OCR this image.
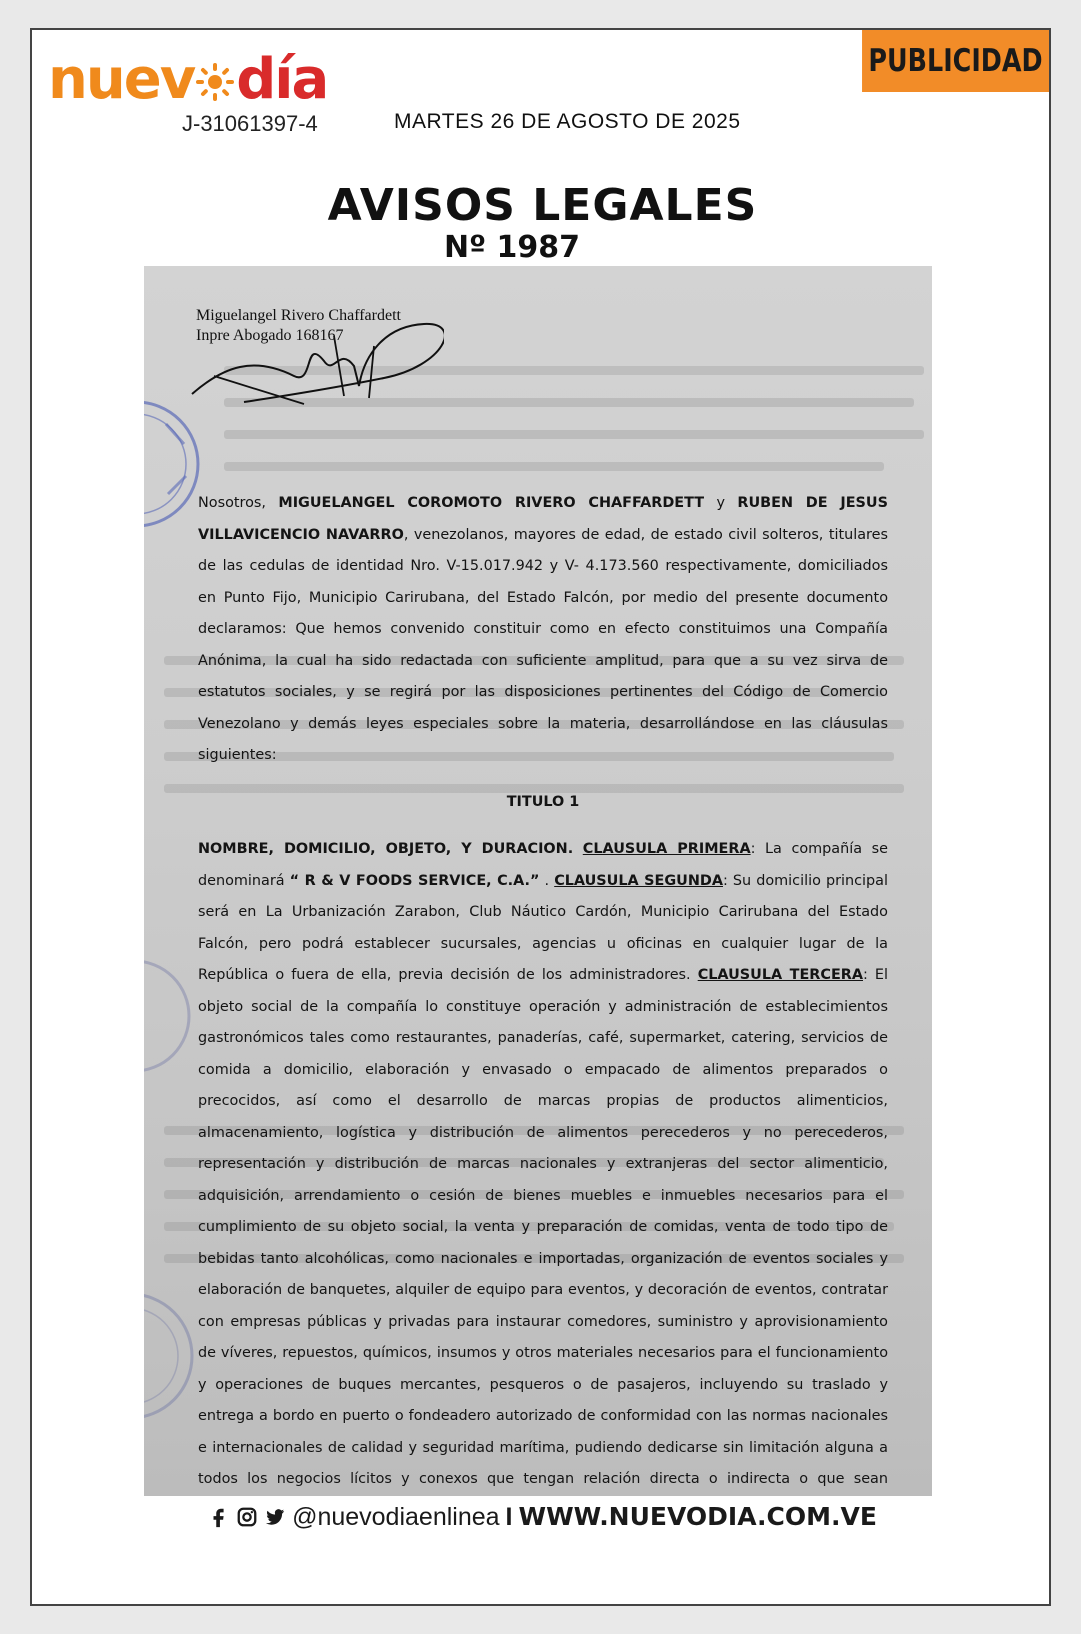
PUBLICIDAD
nuev día
J-31061397-4	MARTES 26 DE AGOSTO DE 2025
AVISOS LEGALES
Nº 1987
Miguelangel Rivero Chaffardett
Inpre Abogado 168167

Nosotros, MIGUELANGEL COROMOTO RIVERO CHAFFARDETT y RUBEN DE JESUS VILLAVICENCIO NAVARRO, venezolanos, mayores de edad, de estado civil solteros, titulares de las cedulas de identidad Nro. V-15.017.942 y V- 4.173.560 respectivamente, domiciliados en Punto Fijo, Municipio Carirubana, del Estado Falcón, por medio del presente documento declaramos: Que hemos convenido constituir como en efecto constituimos una Compañía Anónima, la cual ha sido redactada con suficiente amplitud, para que a su vez sirva de estatutos sociales, y se regirá por las disposiciones pertinentes del Código de Comercio Venezolano y demás leyes especiales sobre la materia, desarrollándose en las cláusulas siguientes:

TITULO 1

NOMBRE, DOMICILIO, OBJETO, Y DURACION. CLAUSULA PRIMERA: La compañía se denominará “ R & V FOODS SERVICE, C.A.” . CLAUSULA SEGUNDA: Su domicilio principal será en La Urbanización Zarabon, Club Náutico Cardón, Municipio Carirubana del Estado Falcón, pero podrá establecer sucursales, agencias u oficinas en cualquier lugar de la República o fuera de ella, previa decisión de los administradores. CLAUSULA TERCERA: El objeto social de la compañía lo constituye operación y administración de establecimientos gastronómicos tales como restaurantes, panaderías, café, supermarket, catering, servicios de comida a domicilio, elaboración y envasado o empacado de alimentos preparados o precocidos, así como el desarrollo de marcas propias de productos alimenticios, almacenamiento, logística y distribución de alimentos perecederos y no perecederos, representación y distribución de marcas nacionales y extranjeras del sector alimenticio, adquisición, arrendamiento o cesión de bienes muebles e inmuebles necesarios para el cumplimiento de su objeto social, la venta y preparación de comidas, venta de todo tipo de bebidas tanto alcohólicas, como nacionales e importadas, organización de eventos sociales y elaboración de banquetes, alquiler de equipo para eventos, y decoración de eventos, contratar con empresas públicas y privadas para instaurar comedores, suministro y aprovisionamiento de víveres, repuestos, químicos, insumos y otros materiales necesarios para el funcionamiento y operaciones de buques mercantes, pesqueros o de pasajeros, incluyendo su traslado y entrega a bordo en puerto o fondeadero autorizado de conformidad con las normas nacionales e internacionales de calidad y seguridad marítima, pudiendo dedicarse sin limitación alguna a todos los negocios lícitos y conexos que tengan relación directa o indirecta o que sean

@nuevodiaenlinea I WWW.NUEVODIA.COM.VE
